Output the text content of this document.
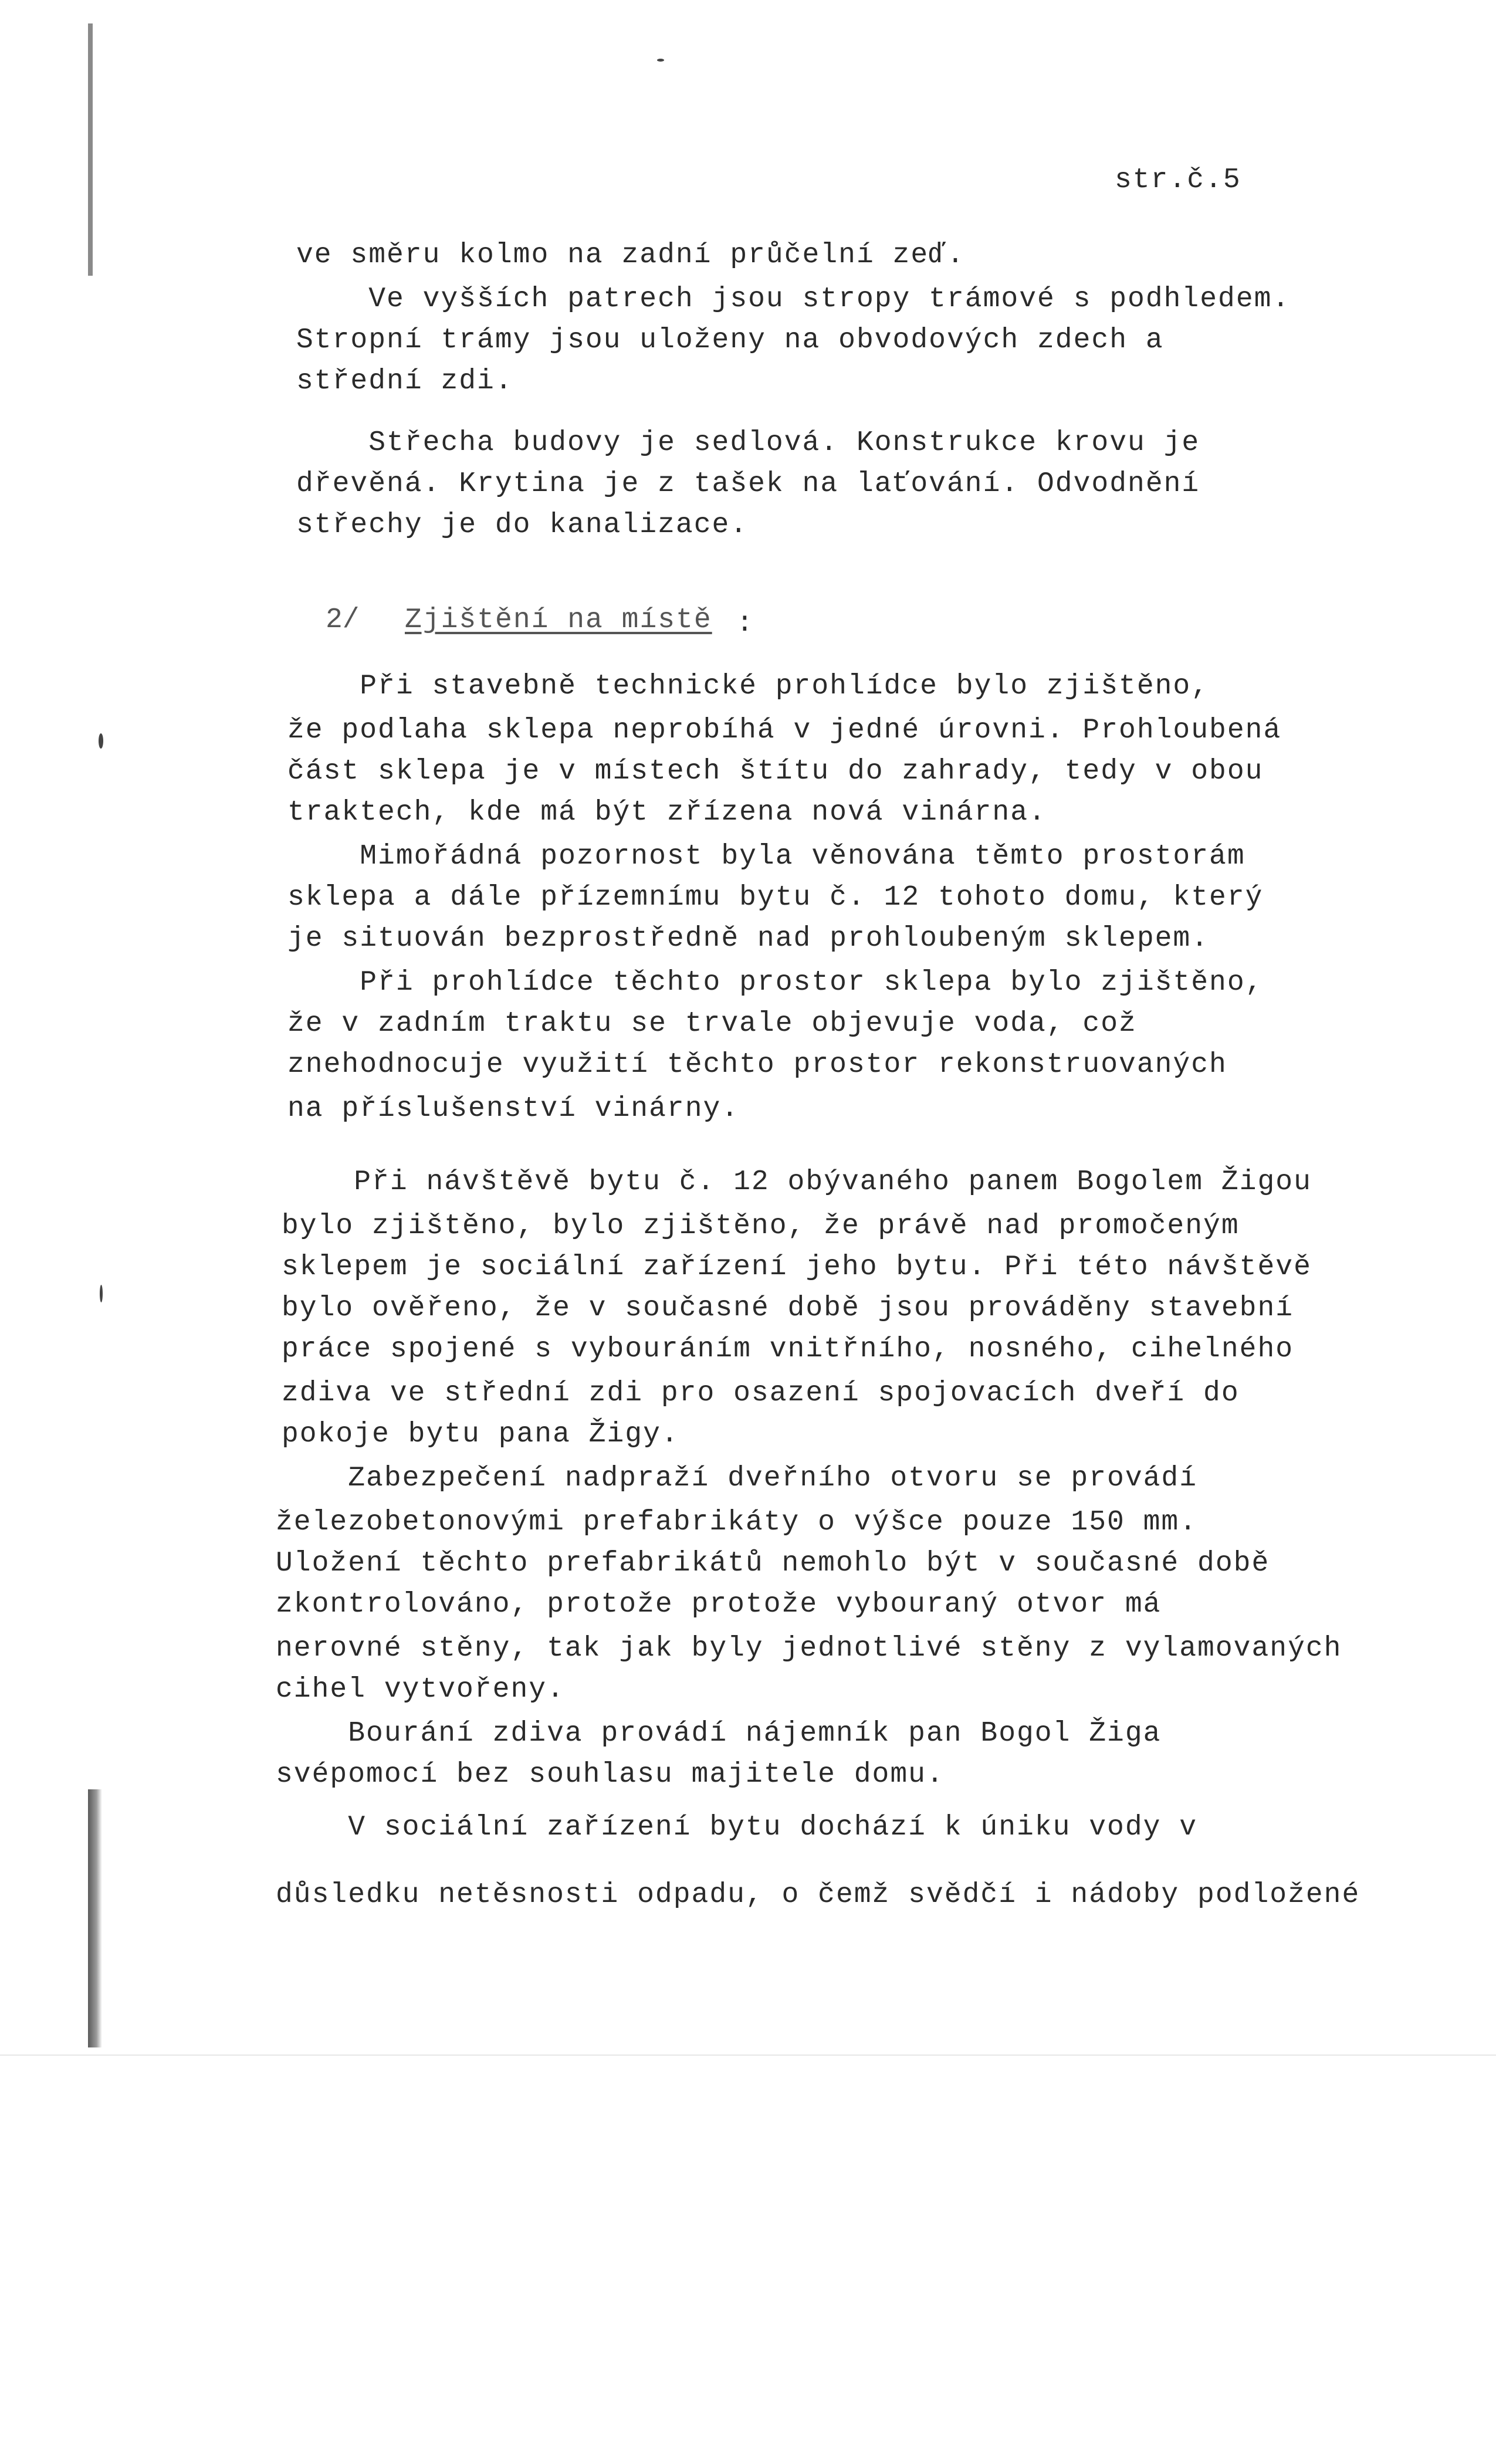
str.č.5
ve směru kolmo na zadní průčelní zeď.
Ve vyšších patrech jsou stropy trámové s podhledem.
Stropní trámy jsou uloženy na obvodových zdech a
střední zdi.
Střecha budovy je sedlová. Konstrukce krovu je
dřevěná. Krytina je z tašek na laťování. Odvodnění
střechy je do kanalizace.
Při stavebně technické prohlídce bylo zjištěno,
že podlaha sklepa neprobíhá v jedné úrovni. Prohloubená
část sklepa je v místech štítu do zahrady, tedy v obou
traktech, kde má být zřízena nová vinárna.
Mimořádná pozornost byla věnována těmto prostorám
sklepa a dále přízemnímu bytu č. 12 tohoto domu, který
je situován bezprostředně nad prohloubeným sklepem.
Při prohlídce těchto prostor sklepa bylo zjištěno,
že v zadním traktu se trvale objevuje voda, což
znehodnocuje využití těchto prostor rekonstruovaných
na příslušenství vinárny.
Při návštěvě bytu č. 12 obývaného panem Bogolem Žigou
bylo zjištěno, bylo zjištěno, že právě nad promočeným
sklepem je sociální zařízení jeho bytu. Při této návštěvě
bylo ověřeno, že v současné době jsou prováděny stavební
práce spojené s vybouráním vnitřního, nosného, cihelného
zdiva ve střední zdi pro osazení spojovacích dveří do
pokoje bytu pana Žigy.
Zabezpečení nadpraží dveřního otvoru se provádí
železobetonovými prefabrikáty o výšce pouze 150 mm.
Uložení těchto prefabrikátů nemohlo být v současné době
zkontrolováno, protože protože vybouraný otvor má
nerovné stěny, tak jak byly jednotlivé stěny z vylamovaných
cihel vytvořeny.
Bourání zdiva provádí nájemník pan Bogol Žiga
svépomocí bez souhlasu majitele domu.
V sociální zařízení bytu dochází k úniku vody v
důsledku netěsnosti odpadu, o čemž svědčí i nádoby podložené
2/ Zjištění na místě :
